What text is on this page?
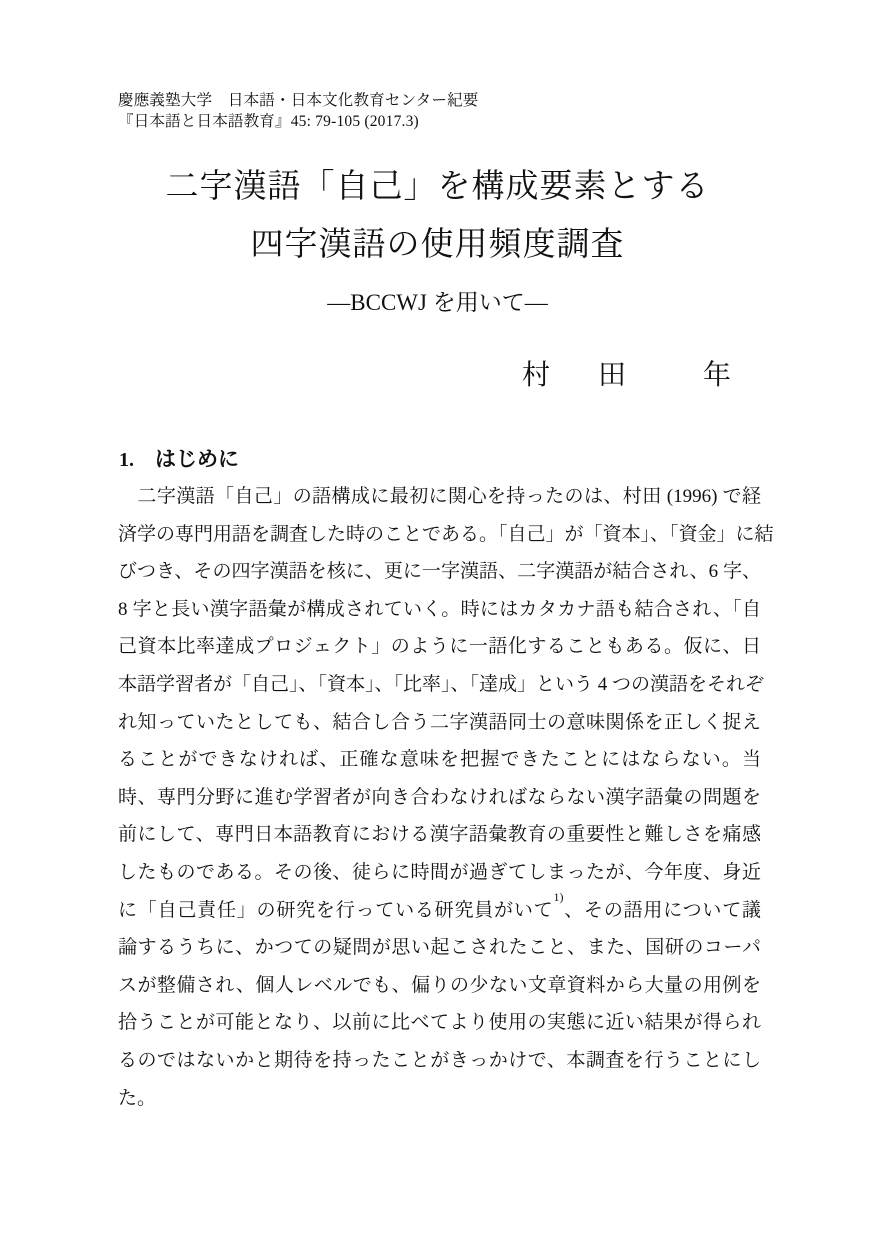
慶應義塾大学　日本語・日本文化教育センター紀要
『日本語と日本語教育』45: 79-105 (2017.3)
二字漢語「自己」を構成要素とする
四字漢語の使用頻度調査
―BCCWJ を用いて―
村 田	年
1. はじめに
　二字漢語「自己」の語構成に最初に関心を持ったのは、村田 (1996) で経
済学の専門用語を調査した時のことである。「自己」が「資本」、「資金」に結
びつき、その四字漢語を核に、更に一字漢語、二字漢語が結合され、6 字、
8 字と長い漢字語彙が構成されていく。時にはカタカナ語も結合され、「自
己資本比率達成プロジェクト」のように一語化することもある。仮に、日
本語学習者が「自己」、「資本」、「比率」、「達成」という 4 つの漢語をそれぞ
れ知っていたとしても、結合し合う二字漢語同士の意味関係を正しく捉え
ることができなければ、正確な意味を把握できたことにはならない。当
時、専門分野に進む学習者が向き合わなければならない漢字語彙の問題を
前にして、専門日本語教育における漢字語彙教育の重要性と難しさを痛感
したものである。その後、徒らに時間が過ぎてしまったが、今年度、身近
に「自己責任」の研究を行っている研究員がいて$^{1)}$、その語用について議
論するうちに、かつての疑問が思い起こされたこと、また、国研のコーパ
スが整備され、個人レベルでも、偏りの少ない文章資料から大量の用例を
拾うことが可能となり、以前に比べてより使用の実態に近い結果が得られ
るのではないかと期待を持ったことがきっかけで、本調査を行うことにし
た。
